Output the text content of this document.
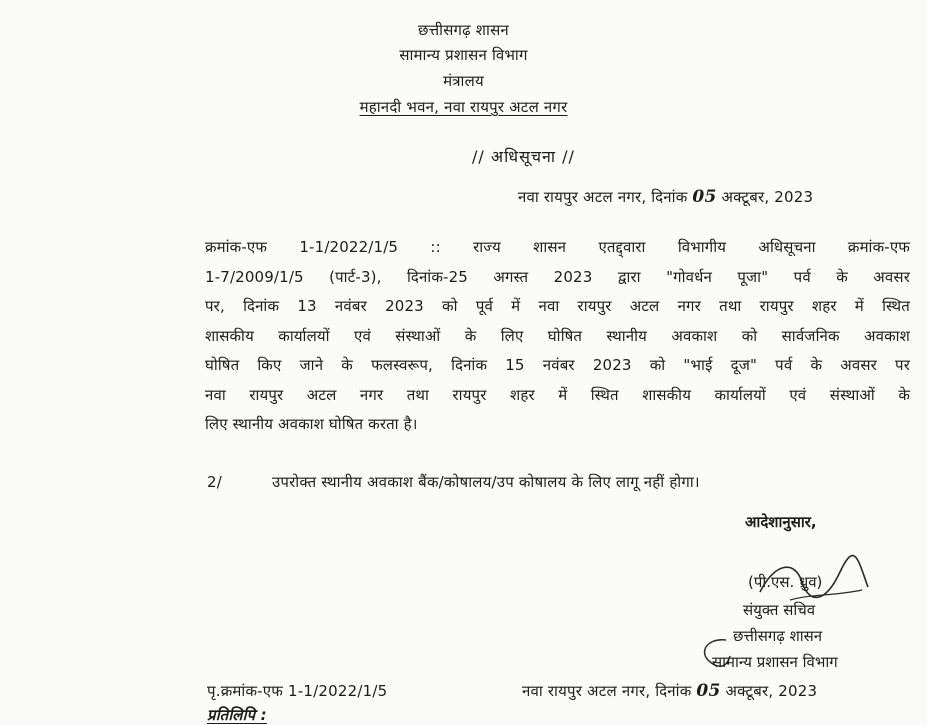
छत्तीसगढ़ शासन
सामान्य प्रशासन विभाग
मंत्रालय
महानदी भवन, नवा रायपुर अटल नगर
// अधिसूचना //
नवा रायपुर अटल नगर, दिनांक 05 अक्टूबर, 2023
क्रमांक-एफ 1-1/2022/1/5 :: राज्य शासन एतद्द्वारा विभागीय अधिसूचना क्रमांक-एफ
1-7/2009/1/5 (पार्ट-3), दिनांक-25 अगस्त 2023 द्वारा "गोवर्धन पूजा" पर्व के अवसर
पर, दिनांक 13 नवंबर 2023 को पूर्व में नवा रायपुर अटल नगर तथा रायपुर शहर में स्थित
शासकीय कार्यालयों एवं संस्थाओं के लिए घोषित स्थानीय अवकाश को सार्वजनिक अवकाश
घोषित किए जाने के फलस्वरूप, दिनांक 15 नवंबर 2023 को "भाई दूज" पर्व के अवसर पर
नवा रायपुर अटल नगर तथा रायपुर शहर में स्थित शासकीय कार्यालयों एवं संस्थाओं के
लिए स्थानीय अवकाश घोषित करता है।
2/	उपरोक्त स्थानीय अवकाश बैंक/कोषालय/उप कोषालय के लिए लागू नहीं होगा।
आदेशानुसार,
(पी.एस. ध्रुव)
संयुक्त सचिव
छत्तीसगढ़ शासन
सामान्य प्रशासन विभाग
पृ.क्रमांक-एफ 1-1/2022/1/5	नवा रायपुर अटल नगर, दिनांक 05 अक्टूबर, 2023
प्रतिलिपि :
